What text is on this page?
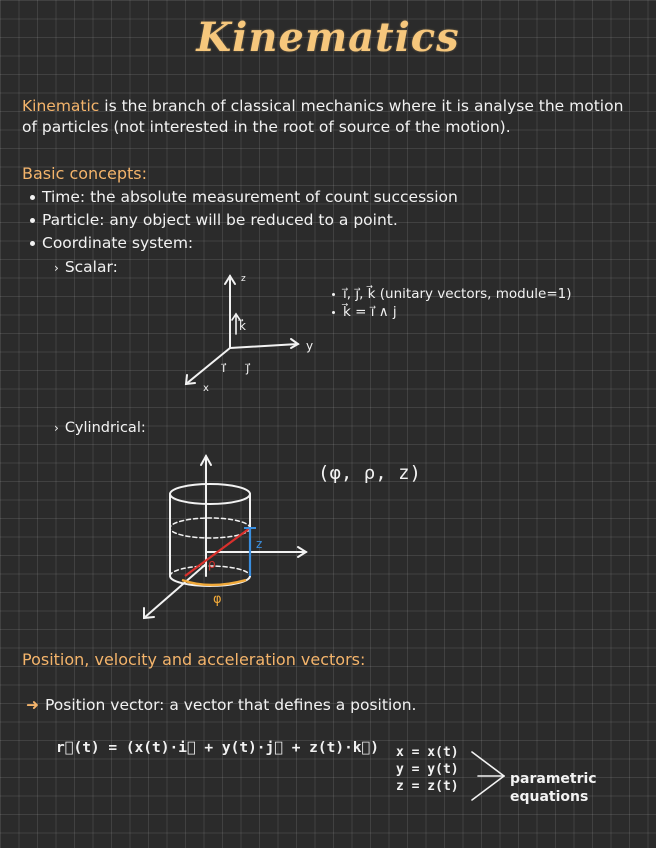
Kinematics
Kinematic is the branch of classical mechanics where it is analyse the motion of particles (not interested in the root of source of the motion).
Basic concepts:
Time: the absolute measurement of count succession
Particle: any object will be reduced to a point.
Coordinate system:
› Scalar:
z
y
x
k⃗
i⃗ j⃗
i⃗, j⃗, k⃗ (unitary vectors, module=1)
k⃗ = i⃗ ∧ j
› Cylindrical:
z
ρ
φ
(φ, ρ, z)
Position, velocity and acceleration vectors:
➜ Position vector: a vector that defines a position.
r⃗(t) = (x(t)·i⃗ + y(t)·j⃗ + z(t)·k⃗) x = x(t)
y = y(t)
z = z(t)	parametric
equations
